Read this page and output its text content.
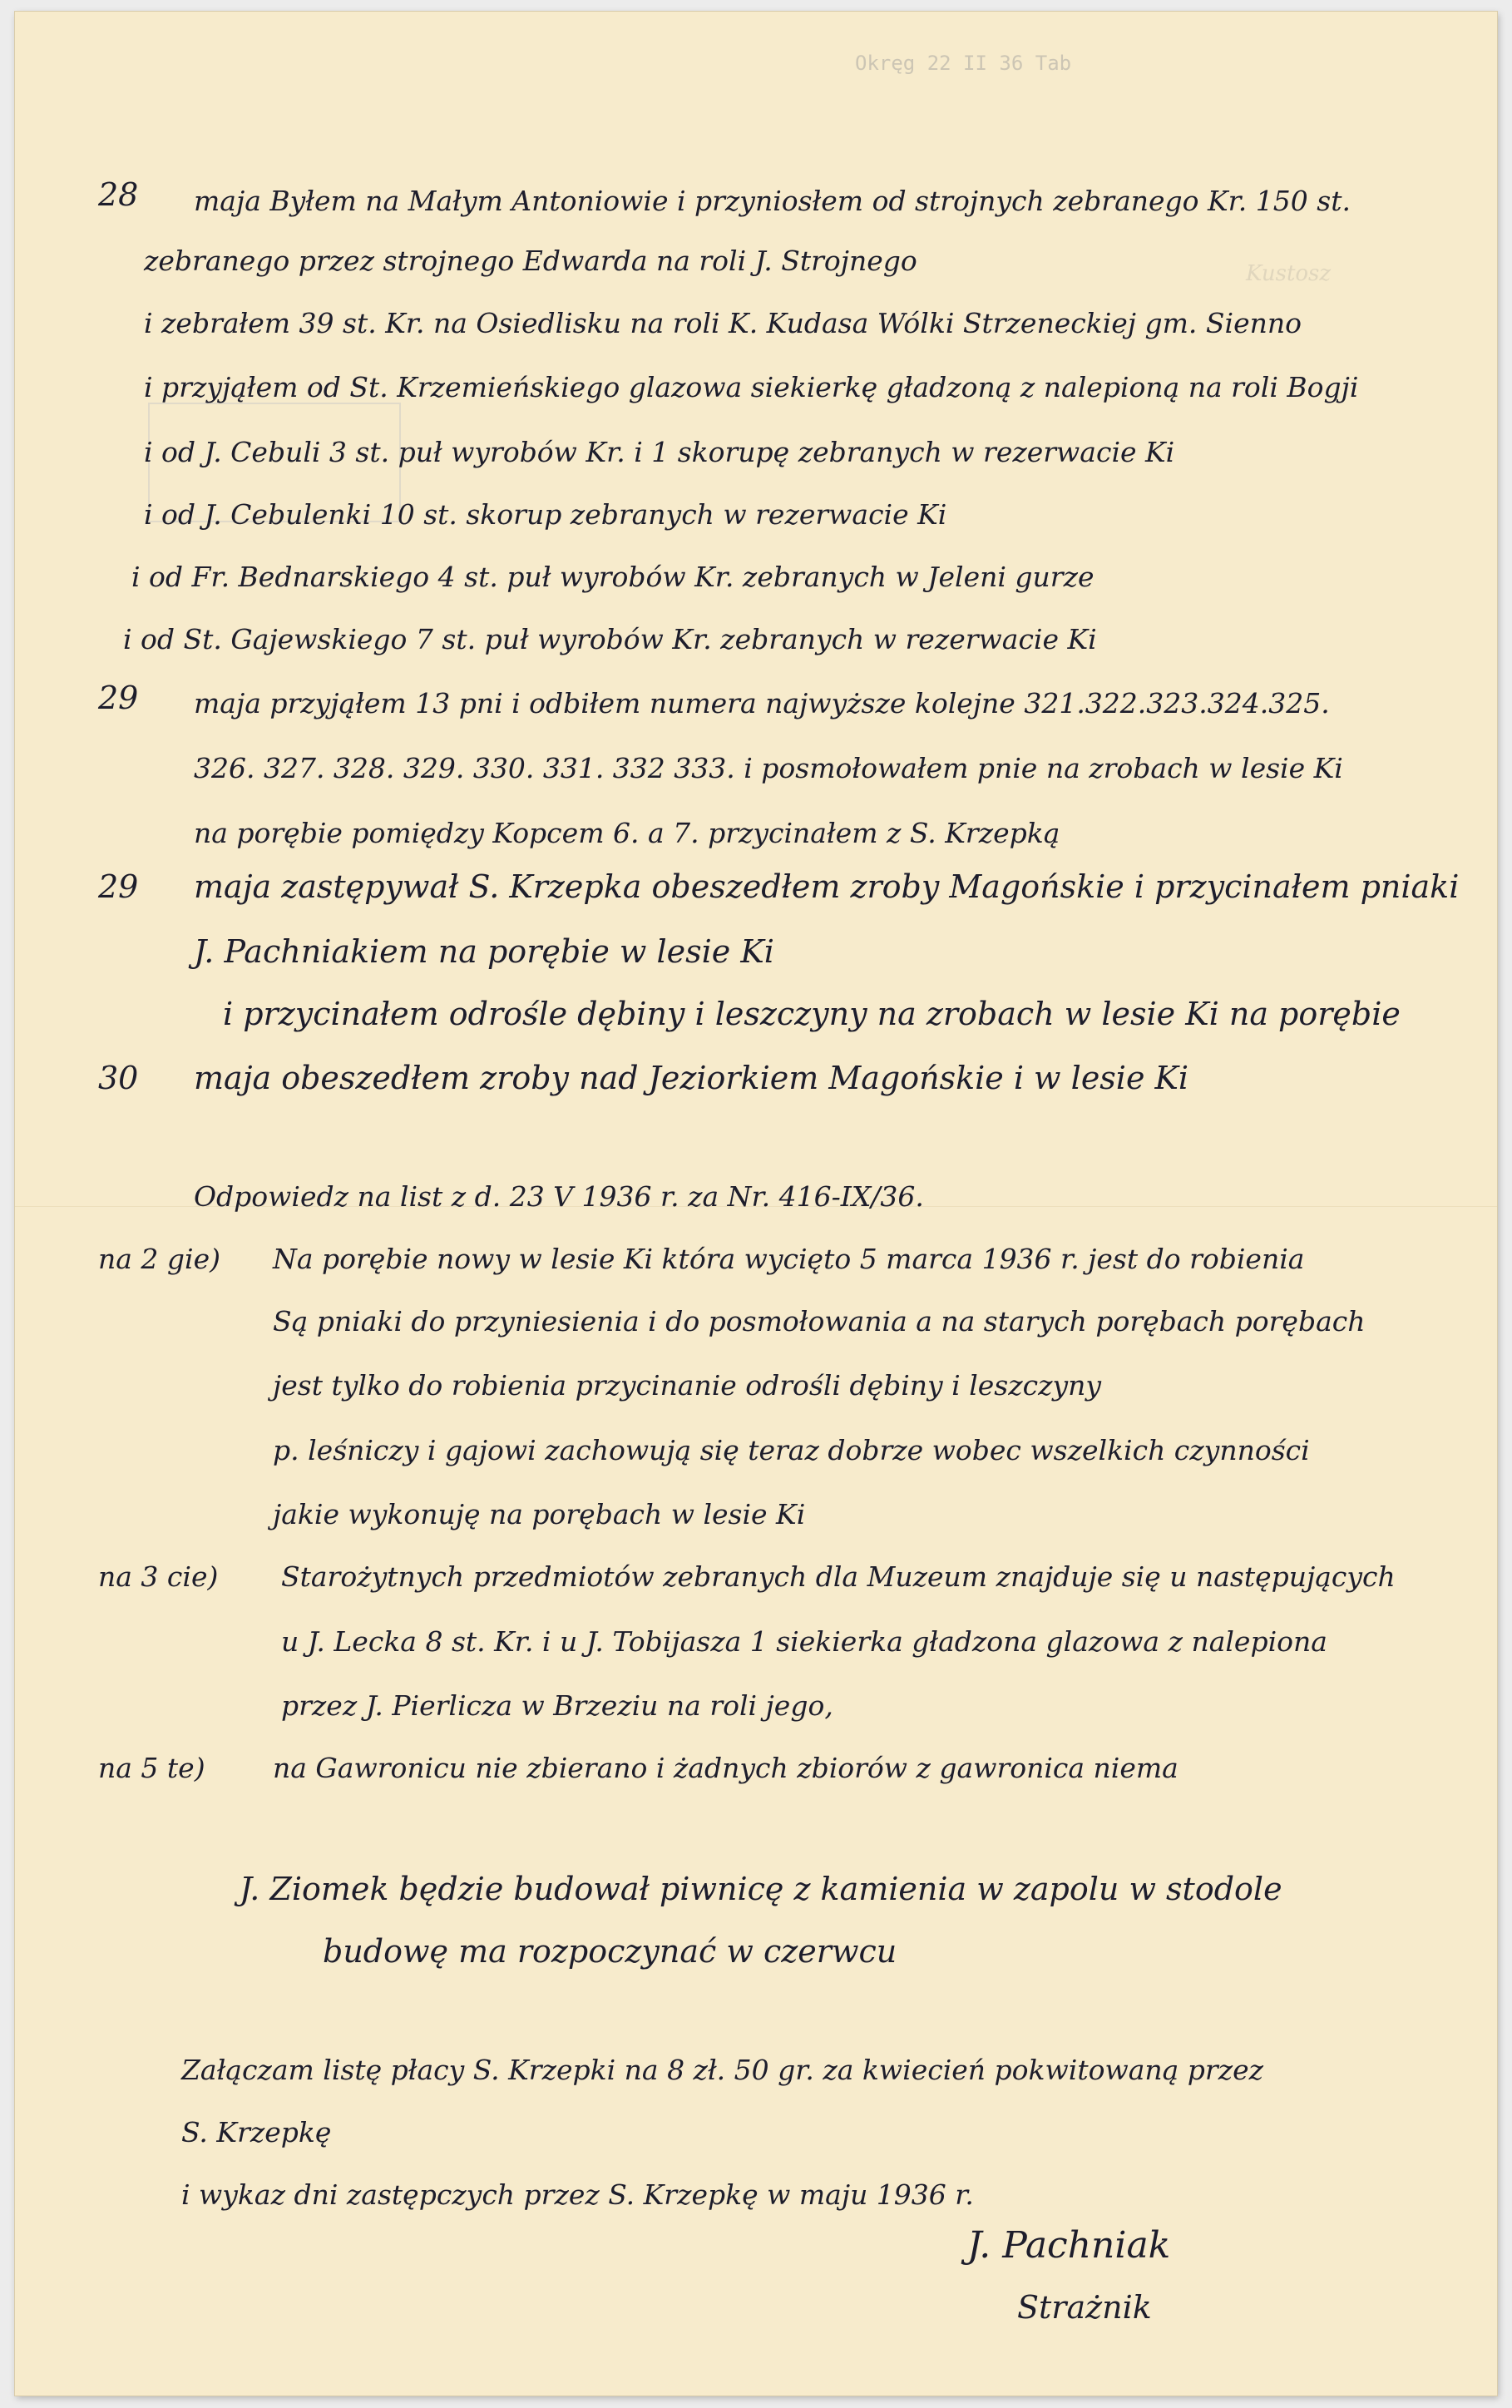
Kustosz
Okręg 22 II 36 Tab
28 maja Byłem na Małym Antoniowie i przyniosłem od strojnych zebranego Kr. 150 st.
zebranego przez strojnego Edwarda na roli J. Strojnego
i zebrałem 39 st. Kr. na Osiedlisku na roli K. Kudasa Wólki Strzeneckiej gm. Sienno
i przyjąłem od St. Krzemieńskiego glazowa siekierkę gładzoną z nalepioną na roli Bogji
i od J. Cebuli 3 st. puł wyrobów Kr. i 1 skorupę zebranych w rezerwacie Ki
i od J. Cebulenki 10 st. skorup zebranych w rezerwacie Ki
i od Fr. Bednarskiego 4 st. puł wyrobów Kr. zebranych w Jeleni gurze
i od St. Gajewskiego 7 st. puł wyrobów Kr. zebranych w rezerwacie Ki
29 maja przyjąłem 13 pni i odbiłem numera najwyższe kolejne 321.322.323.324.325.
326. 327. 328. 329. 330. 331. 332 333. i posmołowałem pnie na zrobach w lesie Ki
na porębie pomiędzy Kopcem 6. a 7. przycinałem z S. Krzepką
29 maja zastępywał S. Krzepka obeszedłem zroby Magońskie i przycinałem pniaki
J. Pachniakiem na porębie w lesie Ki
i przycinałem odrośle dębiny i leszczyny na zrobach w lesie Ki na porębie
30 maja obeszedłem zroby nad Jeziorkiem Magońskie i w lesie Ki
Odpowiedz na list z d. 23 V 1936 r. za Nr. 416-IX/36.
na 2 gie) Na porębie nowy w lesie Ki która wycięto 5 marca 1936 r. jest do robienia
Są pniaki do przyniesienia i do posmołowania a na starych porębach porębach
jest tylko do robienia przycinanie odrośli dębiny i leszczyny
p. leśniczy i gajowi zachowują się teraz dobrze wobec wszelkich czynności
jakie wykonuję na porębach w lesie Ki
na 3 cie) Starożytnych przedmiotów zebranych dla Muzeum znajduje się u następujących
u J. Lecka 8 st. Kr. i u J. Tobijasza 1 siekierka gładzona glazowa z nalepiona
przez J. Pierlicza w Brzeziu na roli jego,
na 5 te) na Gawronicu nie zbierano i żadnych zbiorów z gawronica niema
J. Ziomek będzie budował piwnicę z kamienia w zapolu w stodole
budowę ma rozpoczynać w czerwcu
Załączam listę płacy S. Krzepki na 8 zł. 50 gr. za kwiecień pokwitowaną przez
S. Krzepkę
i wykaz dni zastępczych przez S. Krzepkę w maju 1936 r.
J. Pachniak
Strażnik
